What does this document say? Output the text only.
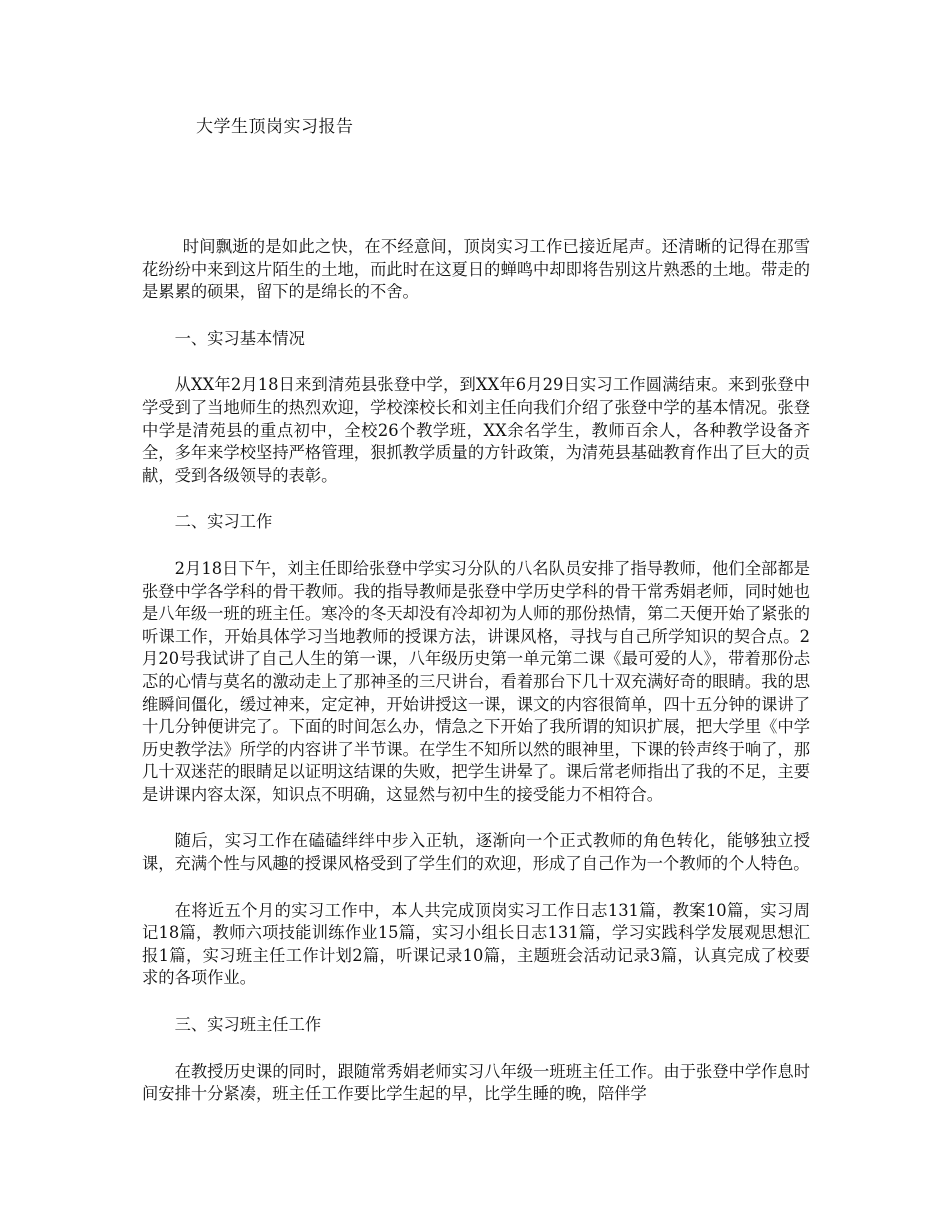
大学生顶岗实习报告

时间飘逝的是如此之快，在不经意间，顶岗实习工作已接近尾声。还清晰的记得在那雪花纷纷中来到这片陌生的土地，而此时在这夏日的蝉鸣中却即将告别这片熟悉的土地。带走的是累累的硕果，留下的是绵长的不舍。

一、实习基本情况

从XX年2月18日来到清苑县张登中学，到XX年6月29日实习工作圆满结束。来到张登中学受到了当地师生的热烈欢迎，学校滦校长和刘主任向我们介绍了张登中学的基本情况。张登中学是清苑县的重点初中，全校26个教学班，XX余名学生，教师百余人，各种教学设备齐全，多年来学校坚持严格管理，狠抓教学质量的方针政策，为清苑县基础教育作出了巨大的贡献，受到各级领导的表彰。

二、实习工作

2月18日下午，刘主任即给张登中学实习分队的八名队员安排了指导教师，他们全部都是张登中学各学科的骨干教师。我的指导教师是张登中学历史学科的骨干常秀娟老师，同时她也是八年级一班的班主任。寒冷的冬天却没有冷却初为人师的那份热情，第二天便开始了紧张的听课工作，开始具体学习当地教师的授课方法，讲课风格，寻找与自己所学知识的契合点。2月20号我试讲了自己人生的第一课，八年级历史第一单元第二课《最可爱的人》，带着那份忐忑的心情与莫名的激动走上了那神圣的三尺讲台，看着那台下几十双充满好奇的眼睛。我的思维瞬间僵化，缓过神来，定定神，开始讲授这一课，课文的内容很简单，四十五分钟的课讲了十几分钟便讲完了。下面的时间怎么办，情急之下开始了我所谓的知识扩展，把大学里《中学历史教学法》所学的内容讲了半节课。在学生不知所以然的眼神里，下课的铃声终于响了，那几十双迷茫的眼睛足以证明这结课的失败，把学生讲晕了。课后常老师指出了我的不足，主要是讲课内容太深，知识点不明确，这显然与初中生的接受能力不相符合。

随后，实习工作在磕磕绊绊中步入正轨，逐渐向一个正式教师的角色转化，能够独立授课，充满个性与风趣的授课风格受到了学生们的欢迎，形成了自己作为一个教师的个人特色。

在将近五个月的实习工作中，本人共完成顶岗实习工作日志131篇，教案10篇，实习周记18篇，教师六项技能训练作业15篇，实习小组长日志131篇，学习实践科学发展观思想汇报1篇，实习班主任工作计划2篇，听课记录10篇，主题班会活动记录3篇，认真完成了校要求的各项作业。

三、实习班主任工作

在教授历史课的同时，跟随常秀娟老师实习八年级一班班主任工作。由于张登中学作息时间安排十分紧凑，班主任工作要比学生起的早，比学生睡的晚，陪伴学
